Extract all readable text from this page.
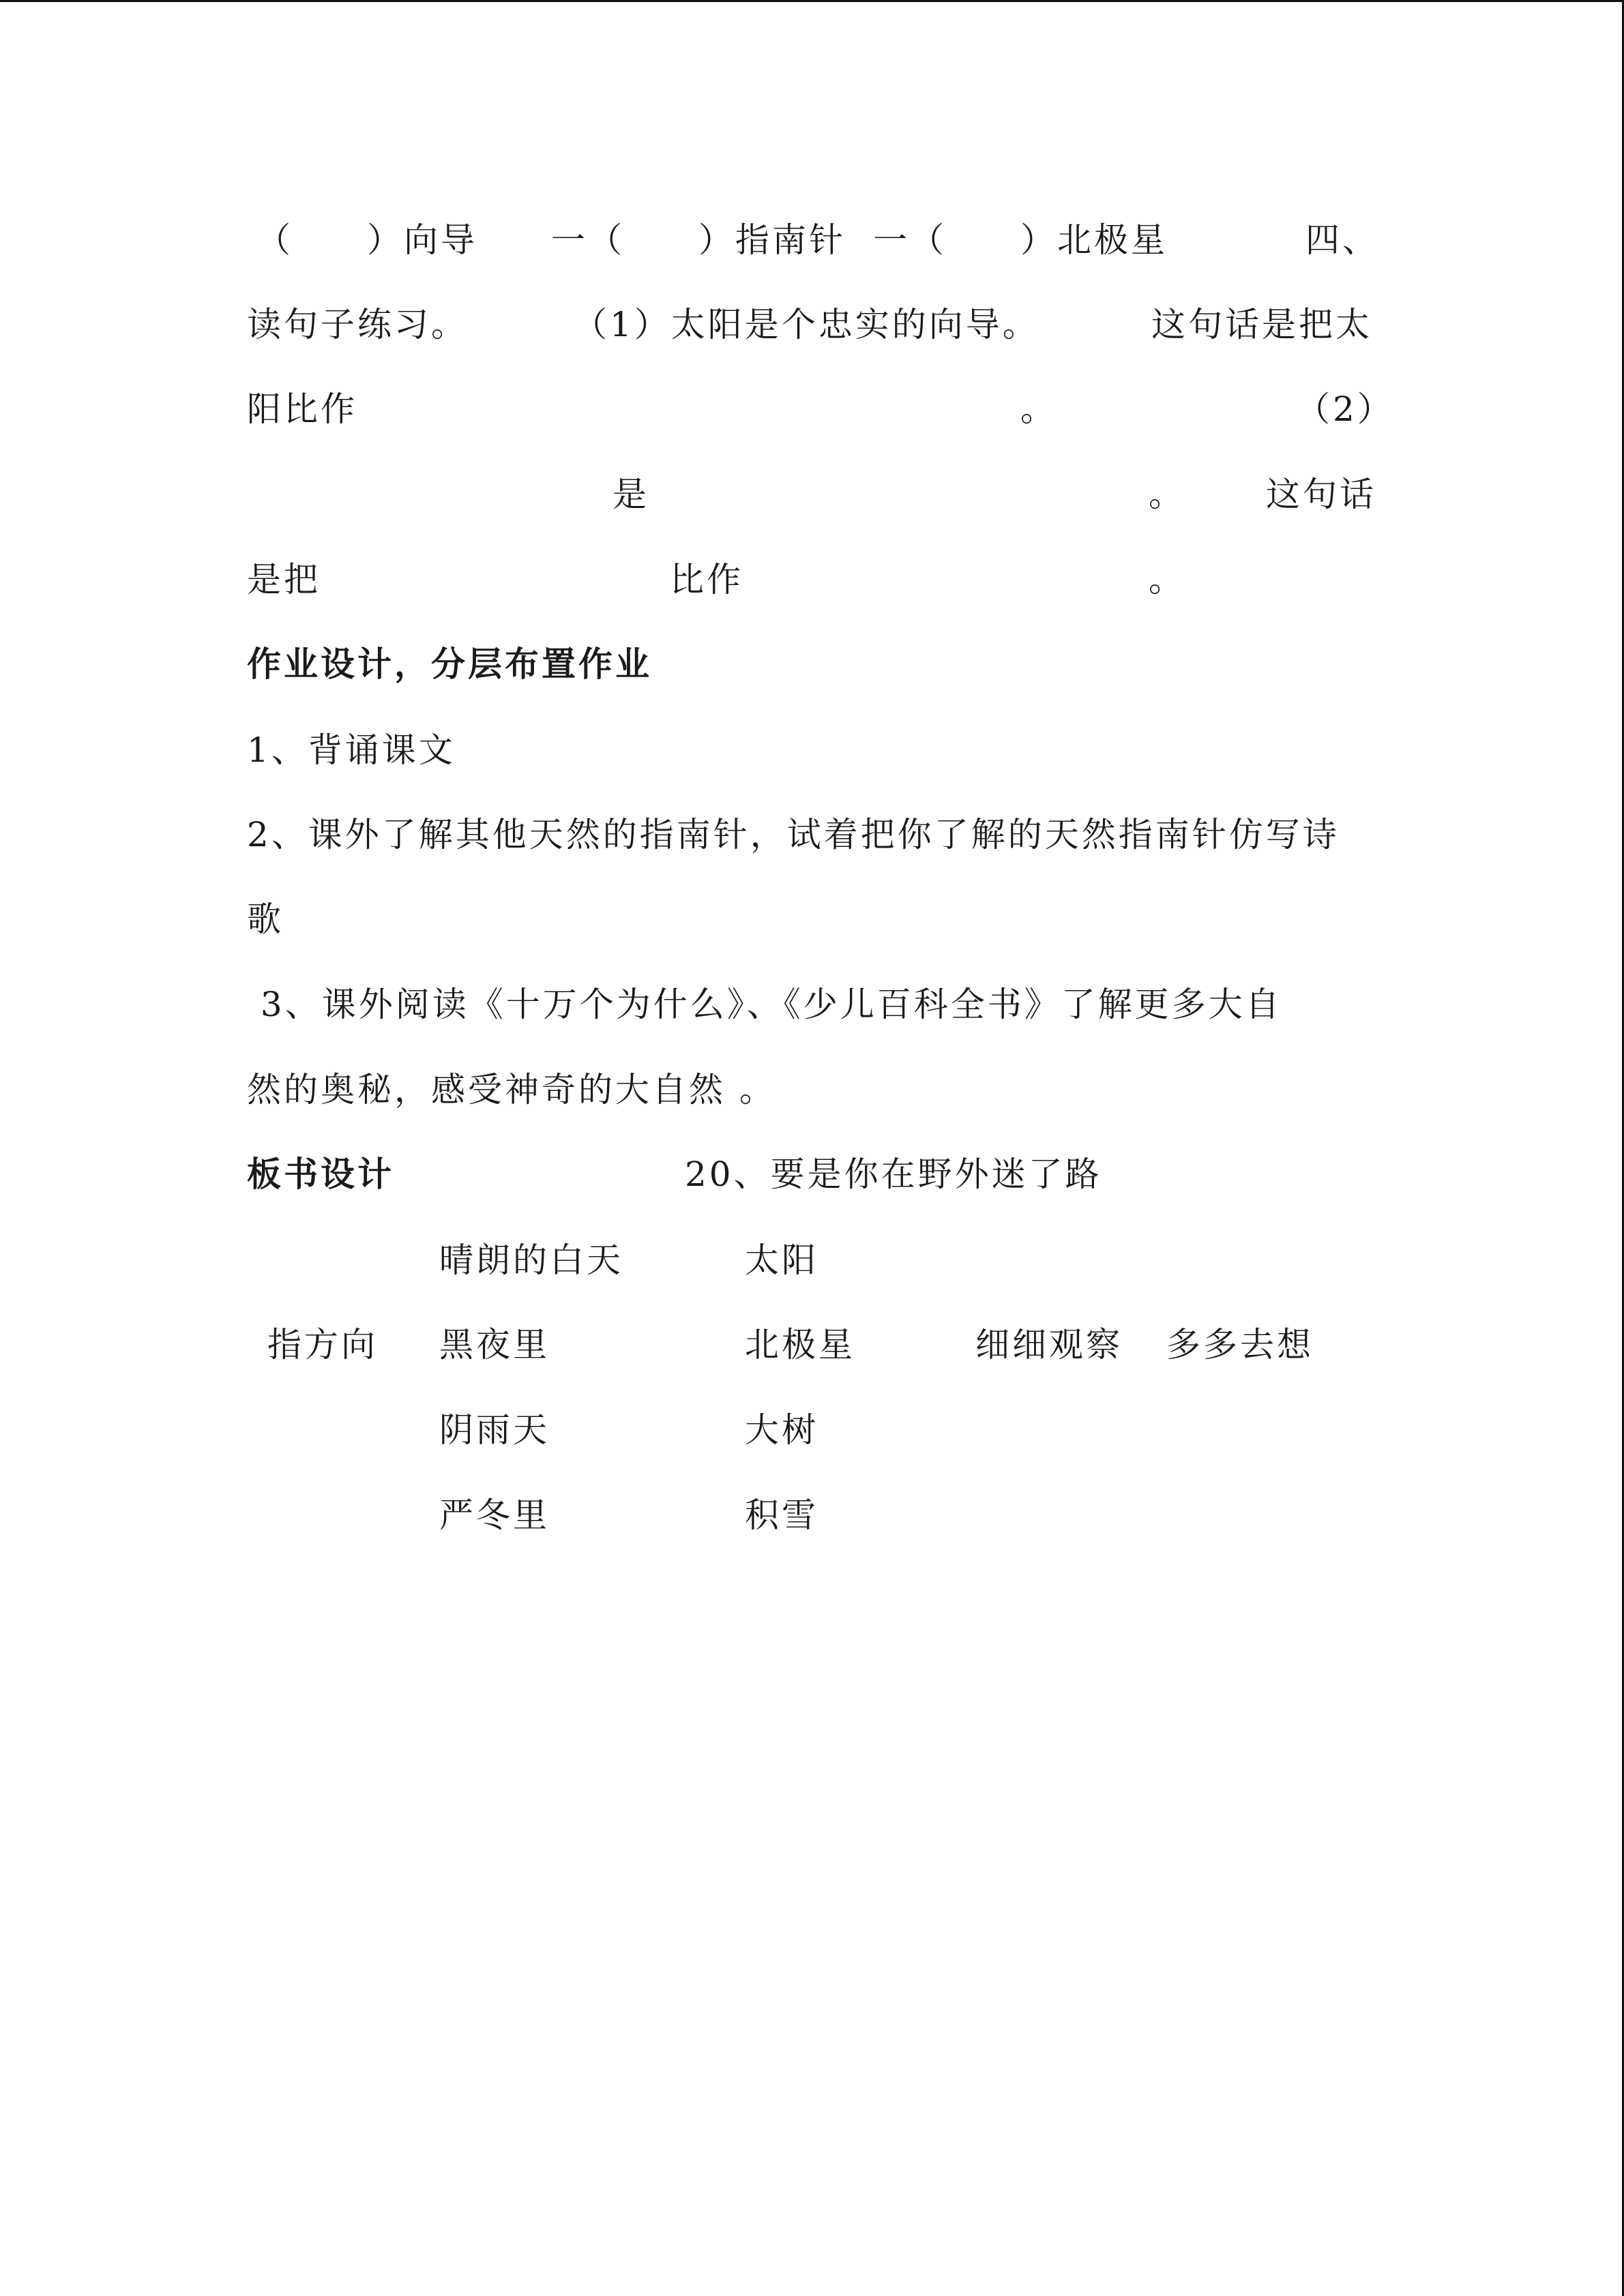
（　　）向导 一（　　）指南针 一（　　）北极星	四、
读句子练习。	（1）太阳是个忠实的向导。	这句话是把太
阳比作	。	（2）
是	。 这句话
是把	比作	。
作业设计，分层布置作业
1、背诵课文
2、课外了解其他天然的指南针，试着把你了解的天然指南针仿写诗
歌
3、课外阅读《十万个为什么》、《少儿百科全书》了解更多大自
然的奥秘，感受神奇的大自然 。
板书设计	20、要是你在野外迷了路
晴朗的白天	太阳
指方向 黑夜里	北极星	细细观察 多多去想
阴雨天	大树
严冬里	积雪
